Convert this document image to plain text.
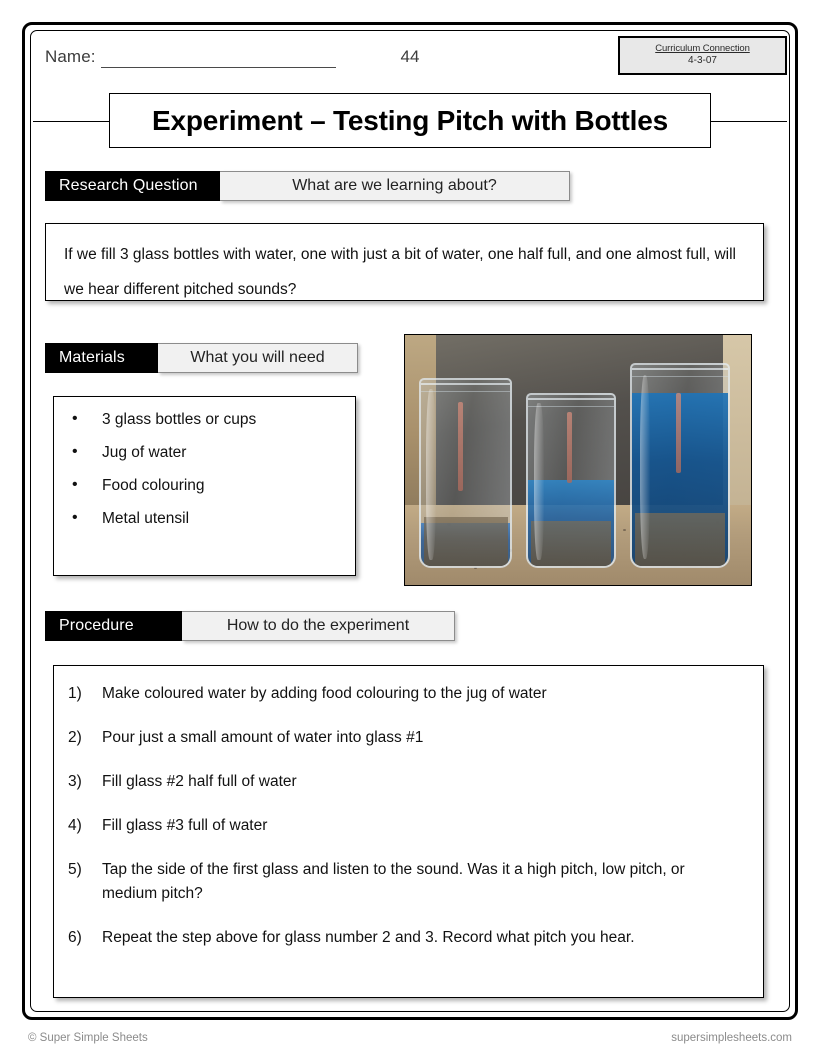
Name:	44	Curriculum Connection
4-3-07
Experiment – Testing Pitch with Bottles
Research Question	What are we learning about?
If we fill 3 glass bottles with water, one with just a bit of water, one half full, and one almost full, will we hear different pitched sounds?
Materials	What you will need
•	3 glass bottles or cups
•	Jug of water
•	Food colouring
•	Metal utensil
Procedure	How to do the experiment
1)	Make coloured water by adding food colouring to the jug of water
2)	Pour just a small amount of water into glass #1
3)	Fill glass #2 half full of water
4)	Fill glass #3 full of water
5)	Tap the side of the first glass and listen to the sound. Was it a high pitch, low pitch, or medium pitch?
6)	Repeat the step above for glass number 2 and 3. Record what pitch you hear.
© Super Simple Sheets	supersimplesheets.com
